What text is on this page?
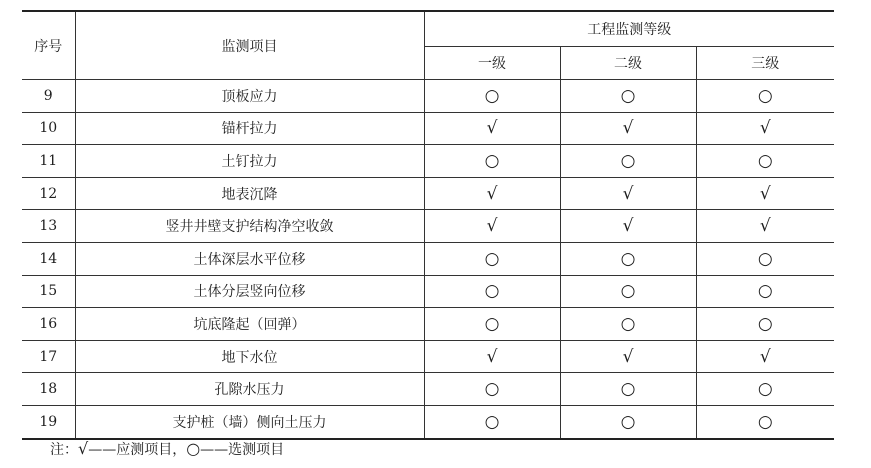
序号	监测项目	工程监测等级		
		一级	二级	三级
9	顶板应力	○	○	○
10	锚杆拉力	√	√	√
11	土钉拉力	○	○	○
12	地表沉降	√	√	√
13	竖井井壁支护结构净空收敛	√	√	√
14	土体深层水平位移	○	○	○
15	土体分层竖向位移	○	○	○
16	坑底隆起（回弹）	○	○	○
17	地下水位	√	√	√
18	孔隙水压力	○	○	○
19	支护桩（墙）侧向土压力	○	○	○
注：√——应测项目，○——选测项目
